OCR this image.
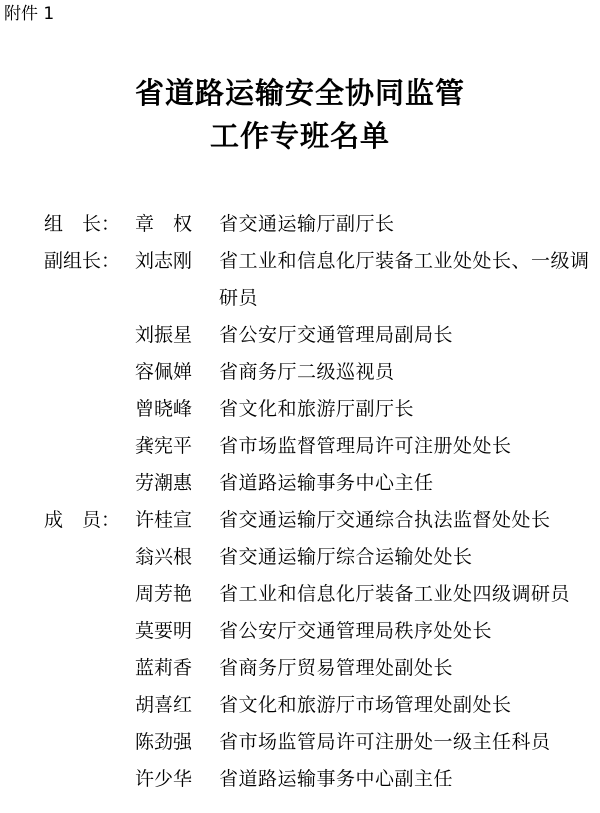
附件 1
省道路运输安全协同监管
工作专班名单
组　长： 章　权	省交通运输厅副厅长
副组长： 刘志刚	省工业和信息化厅装备工业处处长、一级调研员
刘振星	省公安厅交通管理局副局长
容佩婵	省商务厅二级巡视员
曾晓峰	省文化和旅游厅副厅长
龚宪平	省市场监督管理局许可注册处处长
劳潮惠	省道路运输事务中心主任
成　员： 许桂宣	省交通运输厅交通综合执法监督处处长
翁兴根	省交通运输厅综合运输处处长
周芳艳	省工业和信息化厅装备工业处四级调研员
莫要明	省公安厅交通管理局秩序处处长
蓝莉香	省商务厅贸易管理处副处长
胡喜红	省文化和旅游厅市场管理处副处长
陈劲强	省市场监管局许可注册处一级主任科员
许少华	省道路运输事务中心副主任
